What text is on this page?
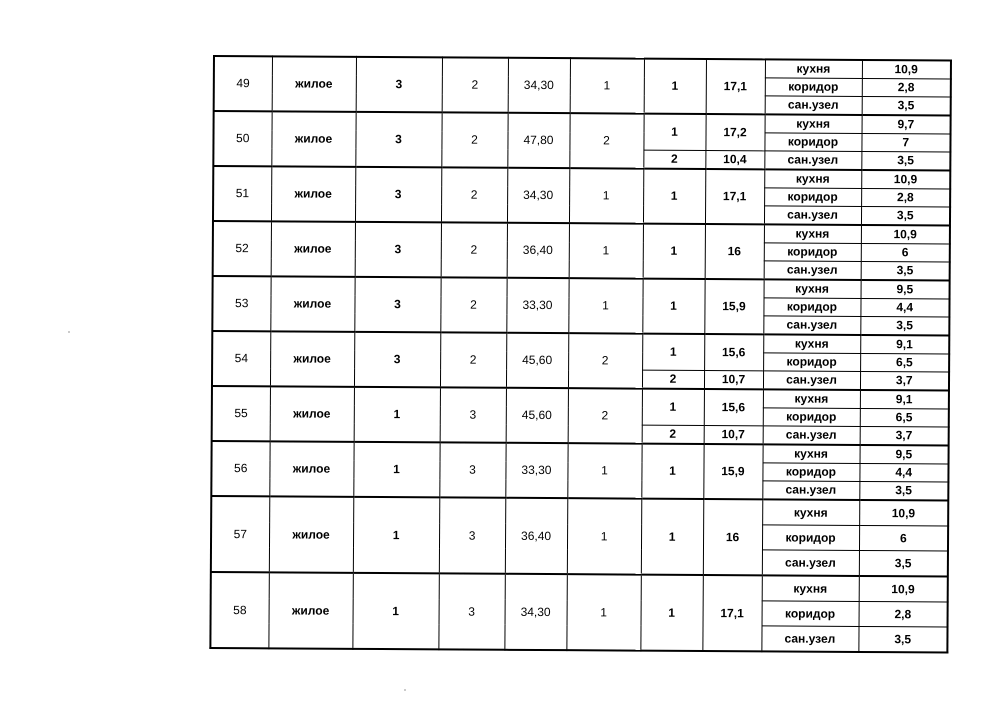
49	жилое	3	2	34,30	1	1	17,1	кухня	10,9
								коридор	2,8
								сан.узел	3,5
50	жилое	3	2	47,80	2	1	17,2	кухня	9,7
								коридор	7
						2	10,4	сан.узел	3,5
51	жилое	3	2	34,30	1	1	17,1	кухня	10,9
								коридор	2,8
								сан.узел	3,5
52	жилое	3	2	36,40	1	1	16	кухня	10,9
								коридор	6
								сан.узел	3,5
53	жилое	3	2	33,30	1	1	15,9	кухня	9,5
								коридор	4,4
								сан.узел	3,5
54	жилое	3	2	45,60	2	1	15,6	кухня	9,1
								коридор	6,5
						2	10,7	сан.узел	3,7
55	жилое	1	3	45,60	2	1	15,6	кухня	9,1
								коридор	6,5
						2	10,7	сан.узел	3,7
56	жилое	1	3	33,30	1	1	15,9	кухня	9,5
								коридор	4,4
								сан.узел	3,5
57	жилое	1	3	36,40	1	1	16	кухня	10,9
								коридор	6
								сан.узел	3,5
58	жилое	1	3	34,30	1	1	17,1	кухня	10,9
								коридор	2,8
								сан.узел	3,5
